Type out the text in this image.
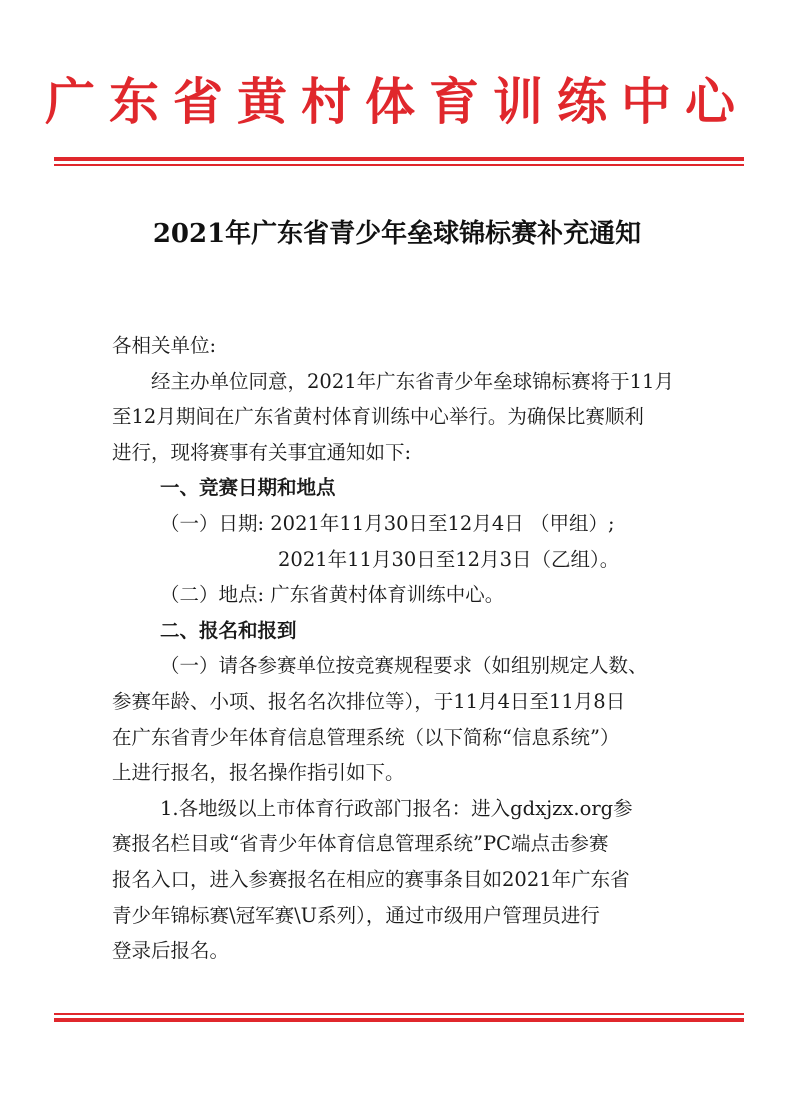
广东省黄村体育训练中心
2021年广东省青少年垒球锦标赛补充通知
各相关单位:
经主办单位同意，2021年广东省青少年垒球锦标赛将于11月
至12月期间在广东省黄村体育训练中心举行。为确保比赛顺利
进行，现将赛事有关事宜通知如下:
一、竞赛日期和地点
（一）日期: 2021年11月30日至12月4日 （甲组）;
2021年11月30日至12月3日（乙组）。
（二）地点: 广东省黄村体育训练中心。
二、报名和报到
（一）请各参赛单位按竞赛规程要求（如组别规定人数、
参赛年龄、小项、报名名次排位等），于11月4日至11月8日
在广东省青少年体育信息管理系统（以下简称“信息系统”）
上进行报名，报名操作指引如下。
1.各地级以上市体育行政部门报名：进入gdxjzx.org参
赛报名栏目或“省青少年体育信息管理系统”PC端点击参赛
报名入口，进入参赛报名在相应的赛事条目如2021年广东省
青少年锦标赛\冠军赛\U系列），通过市级用户管理员进行
登录后报名。
